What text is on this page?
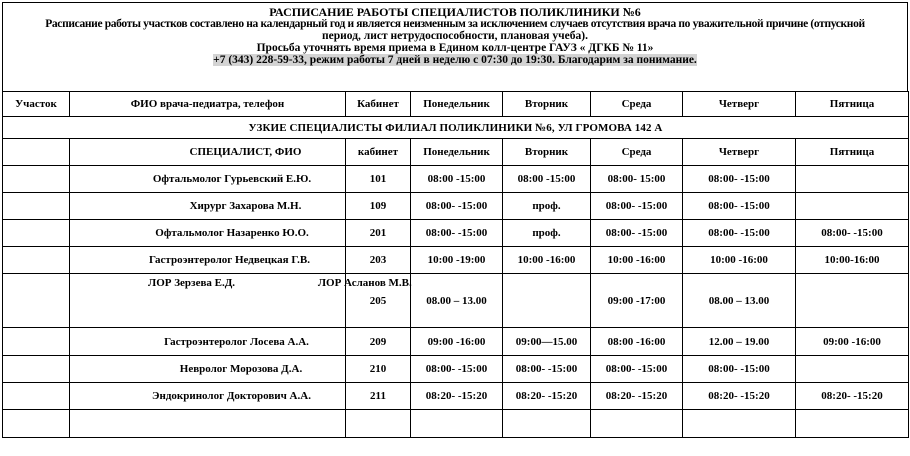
РАСПИСАНИЕ РАБОТЫ СПЕЦИАЛИСТОВ ПОЛИКЛИНИКИ №6
Расписание работы участков составлено на календарный год и является неизменным за исключением случаев отсутствия врача по уважительной причине (отпускной
период, лист нетрудоспособности, плановая учеба).
Просьба уточнять время приема в Едином колл-центре ГАУЗ « ДГКБ № 11»
+7 (343) 228-59-33, режим работы 7 дней в неделю с 07:30 до 19:30. Благодарим за понимание.
Участок	ФИО врача-педиатра, телефон	Кабинет	Понедельник	Вторник	Среда	Четверг	Пятница
УЗКИЕ СПЕЦИАЛИСТЫ ФИЛИАЛ ПОЛИКЛИНИКИ №6, УЛ ГРОМОВА 142 А							
	СПЕЦИАЛИСТ, ФИО	кабинет	Понедельник	Вторник	Среда	Четверг	Пятница
	Офтальмолог Гурьевский Е.Ю.	101	08:00 -15:00	08:00 -15:00	08:00- 15:00	08:00- -15:00	
	Хирург Захарова М.Н.	109	08:00- -15:00	проф.	08:00- -15:00	08:00- -15:00	
	Офтальмолог Назаренко Ю.О.	201	08:00- -15:00	проф.	08:00- -15:00	08:00- -15:00	08:00- -15:00
	Гастроэнтеролог Недвецкая Г.В.	203	10:00 -19:00	10:00 -16:00	10:00 -16:00	10:00 -16:00	10:00-16:00
	ЛОР Зерзева Е.Д. ЛОР Асланов М.В.	205	08.00 – 13.00		09:00 -17:00	08.00 – 13.00	
	Гастроэнтеролог Лосева А.А.	209	09:00 -16:00	09:00—15.00	08:00 -16:00	12.00 – 19.00	09:00 -16:00
	Невролог Морозова Д.А.	210	08:00- -15:00	08:00- -15:00	08:00- -15:00	08:00- -15:00	
	Эндокринолог Докторович А.А.	211	08:20- -15:20	08:20- -15:20	08:20- -15:20	08:20- -15:20	08:20- -15:20
